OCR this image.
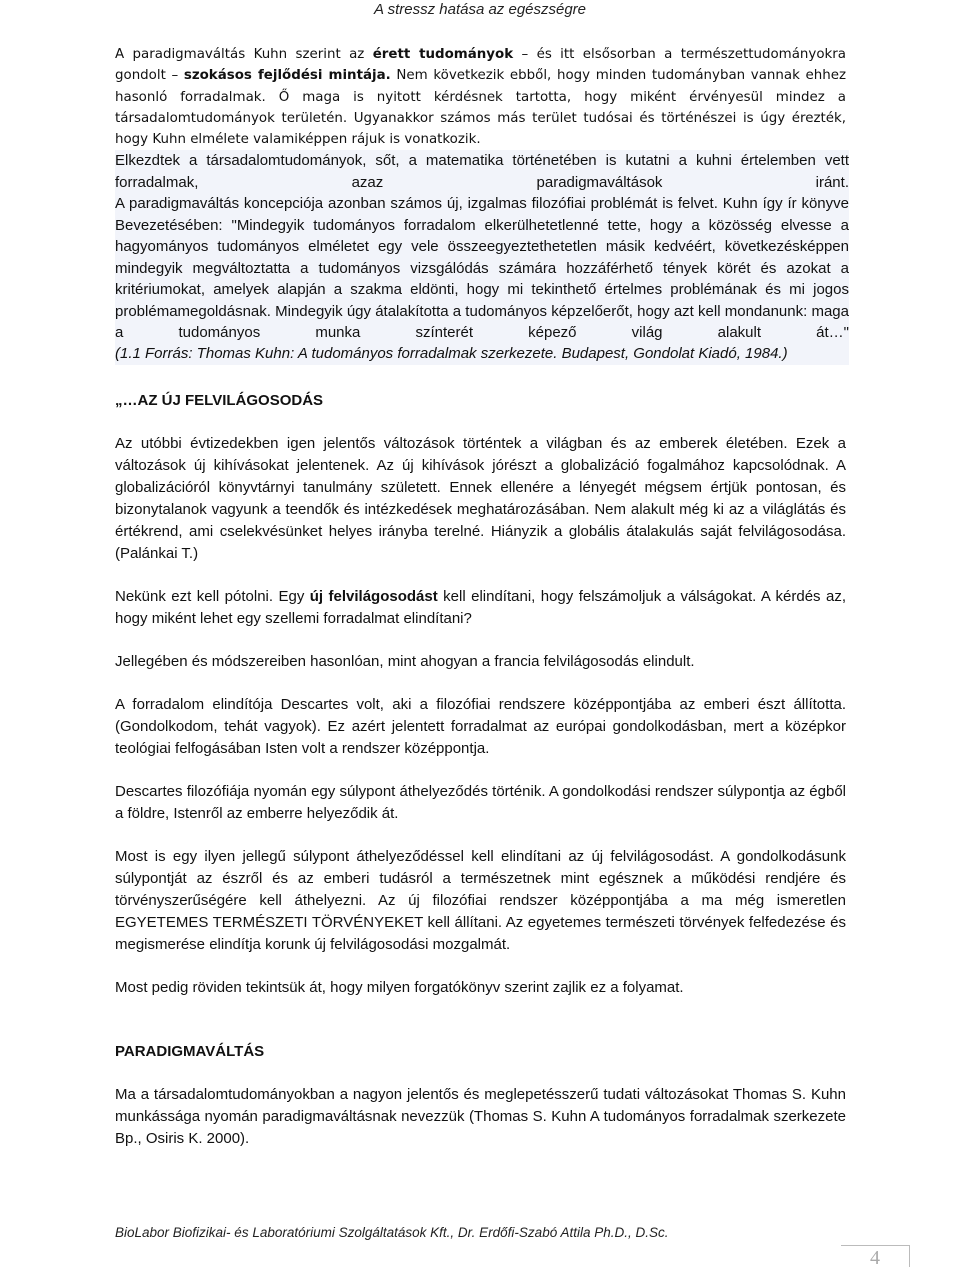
A stressz hatása az egészségre

A paradigmaváltás Kuhn szerint az érett tudományok – és itt elsősorban a természettudományokra gondolt – szokásos fejlődési mintája. Nem következik ebből, hogy minden tudományban vannak ehhez hasonló forradalmak. Ő maga is nyitott kérdésnek tartotta, hogy miként érvényesül mindez a társadalomtudományok területén. Ugyanakkor számos más terület tudósai és történészei is úgy érezték, hogy Kuhn elmélete valamiképpen rájuk is vonatkozik.

Elkezdtek a társadalomtudományok, sőt, a matematika történetében is kutatni a kuhni értelemben vett forradalmak, azaz paradigmaváltások iránt.

A paradigmaváltás koncepciója azonban számos új, izgalmas filozófiai problémát is felvet. Kuhn így ír könyve Bevezetésében: "Mindegyik tudományos forradalom elkerülhetetlenné tette, hogy a közösség elvesse a hagyományos tudományos elméletet egy vele összeegyeztethetetlen másik kedvéért, következésképpen mindegyik megváltoztatta a tudományos vizsgálódás számára hozzáférhető tények körét és azokat a kritériumokat, amelyek alapján a szakma eldönti, hogy mi tekinthető értelmes problémának és mi jogos problémamegoldásnak. Mindegyik úgy átalakította a tudományos képzelőerőt, hogy azt kell mondanunk: maga a tudományos munka színterét képező világ alakult át…"

(1.1 Forrás: Thomas Kuhn: A tudományos forradalmak szerkezete. Budapest, Gondolat Kiadó, 1984.)

„…AZ ÚJ FELVILÁGOSODÁS

Az utóbbi évtizedekben igen jelentős változások történtek a világban és az emberek életében. Ezek a változások új kihívásokat jelentenek. Az új kihívások jórészt a globalizáció fogalmához kapcsolódnak. A globalizációról könyvtárnyi tanulmány született. Ennek ellenére a lényegét mégsem értjük pontosan, és bizonytalanok vagyunk a teendők és intézkedések meghatározásában. Nem alakult még ki az a világlátás és értékrend, ami cselekvésünket helyes irányba terelné. Hiányzik a globális átalakulás saját felvilágosodása. (Palánkai T.)

Nekünk ezt kell pótolni. Egy új felvilágosodást kell elindítani, hogy felszámoljuk a válságokat. A kérdés az, hogy miként lehet egy szellemi forradalmat elindítani?

Jellegében és módszereiben hasonlóan, mint ahogyan a francia felvilágosodás elindult.

A forradalom elindítója Descartes volt, aki a filozófiai rendszere középpontjába az emberi észt állította. (Gondolkodom, tehát vagyok). Ez azért jelentett forradalmat az európai gondolkodásban, mert a középkor teológiai felfogásában Isten volt a rendszer középpontja.

Descartes filozófiája nyomán egy súlypont áthelyeződés történik. A gondolkodási rendszer súlypontja az égből a földre, Istenről az emberre helyeződik át.

Most is egy ilyen jellegű súlypont áthelyeződéssel kell elindítani az új felvilágosodást. A gondolkodásunk súlypontját az észről és az emberi tudásról a természetnek mint egésznek a működési rendjére és törvényszerűségére kell áthelyezni. Az új filozófiai rendszer középpontjába a ma még ismeretlen EGYETEMES TERMÉSZETI TÖRVÉNYEKET kell állítani. Az egyetemes természeti törvények felfedezése és megismerése elindítja korunk új felvilágosodási mozgalmát.

Most pedig röviden tekintsük át, hogy milyen forgatókönyv szerint zajlik ez a folyamat.

PARADIGMAVÁLTÁS

Ma a társadalomtudományokban a nagyon jelentős és meglepetésszerű tudati változásokat Thomas S. Kuhn munkássága nyomán paradigmaváltásnak nevezzük (Thomas S. Kuhn A tudományos forradalmak szerkezete Bp., Osiris K. 2000).

BioLabor Biofizikai- és Laboratóriumi Szolgáltatások Kft., Dr. Erdőfi-Szabó Attila Ph.D., D.Sc.
4
